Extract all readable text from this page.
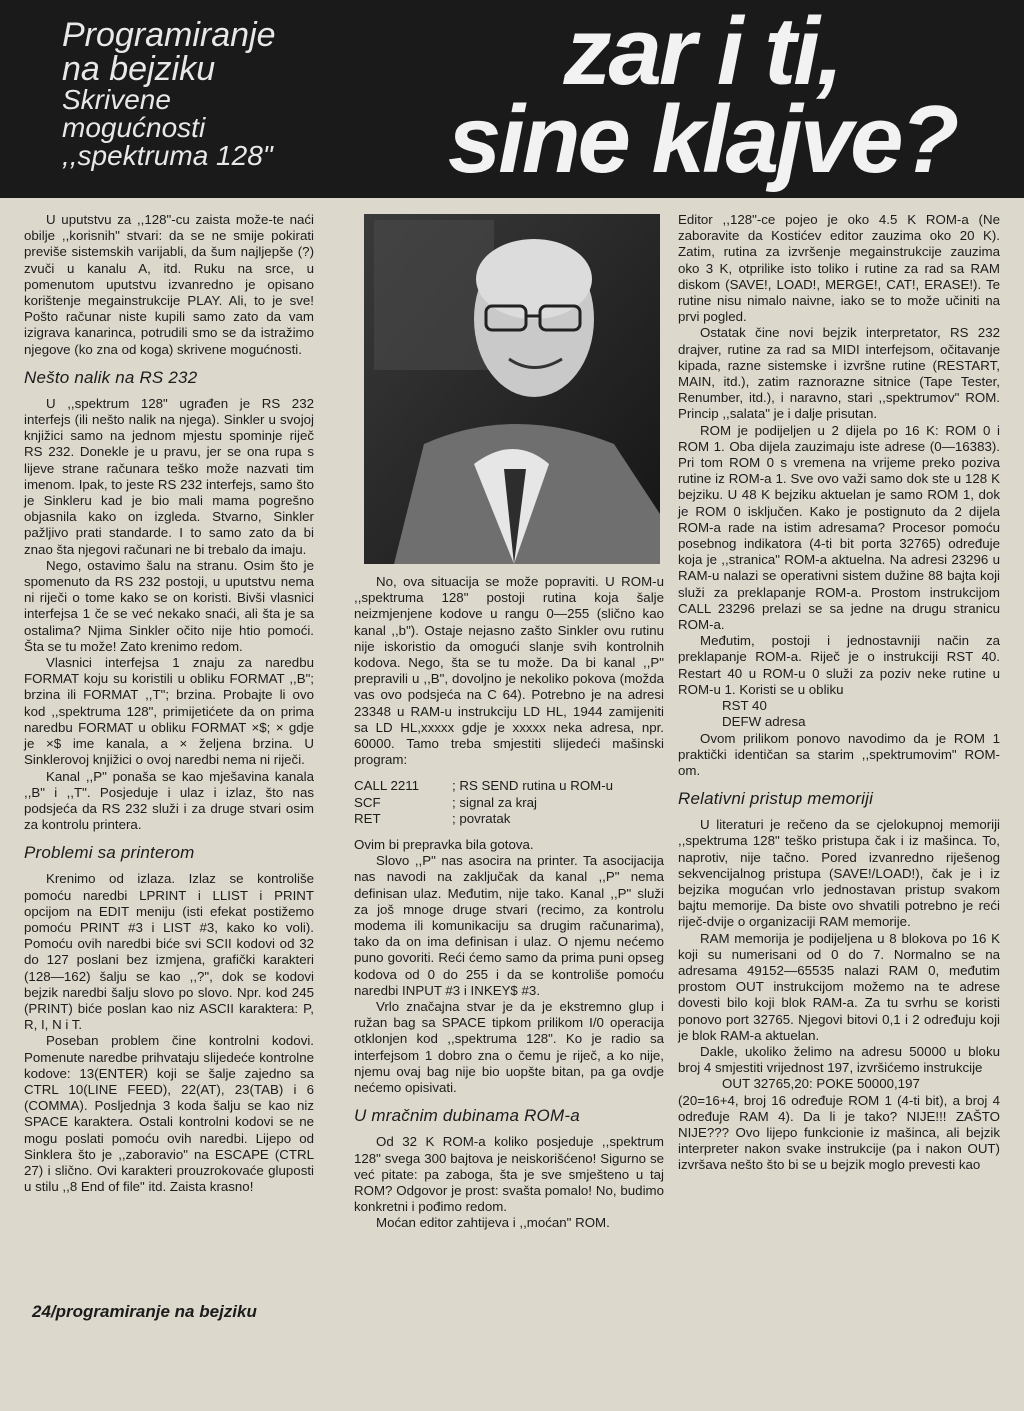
Programiranje
na bejziku
Skrivene
mogućnosti
,,spektruma 128"
zar i ti,
sine klajve?

U uputstvu za ,,128"-cu zaista može-te naći obilje ,,korisnih" stvari: da se ne smije pokirati previše sistemskih varijabli, da šum najljepše (?) zvuči u kanalu A, itd. Ruku na srce, u pomenutom uputstvu izvanredno je opisano korištenje megainstrukcije PLAY. Ali, to je sve! Pošto računar niste kupili samo zato da vam izigrava kanarinca, potrudili smo se da istražimo njegove (ko zna od koga) skrivene mogućnosti.

Nešto nalik na RS 232

U ,,spektrum 128" ugrađen je RS 232 interfejs (ili nešto nalik na njega). Sinkler u svojoj knjižici samo na jednom mjestu spominje riječ RS 232. Donekle je u pravu, jer se ona rupa s lijeve strane računara teško može nazvati tim imenom. Ipak, to jeste RS 232 interfejs, samo što je Sinkleru kad je bio mali mama pogrešno objasnila kako on izgleda. Stvarno, Sinkler pažljivo prati standarde. I to samo zato da bi znao šta njegovi računari ne bi trebalo da imaju.

Nego, ostavimo šalu na stranu. Osim što je spomenuto da RS 232 postoji, u uputstvu nema ni riječi o tome kako se on koristi. Bivši vlasnici interfejsa 1 če se već nekako snaći, ali šta je sa ostalima? Njima Sinkler očito nije htio pomoći. Šta se tu može! Zato krenimo redom.

Vlasnici interfejsa 1 znaju za naredbu FORMAT koju su koristili u obliku FORMAT ,,B"; brzina ili FORMAT ,,T"; brzina. Probajte li ovo kod ,,spektruma 128", primijetićete da on prima naredbu FORMAT u obliku FORMAT ×$; × gdje je ×$ ime kanala, a × željena brzina. U Sinklerovoj knjižici o ovoj naredbi nema ni riječi.

Kanal ,,P" ponaša se kao mješavina kanala ,,B" i ,,T". Posjeduje i ulaz i izlaz, što nas podsjeća da RS 232 služi i za druge stvari osim za kontrolu printera.

Problemi sa printerom

Krenimo od izlaza. Izlaz se kontroliše pomoću naredbi LPRINT i LLIST i PRINT opcijom na EDIT meniju (isti efekat postižemo pomoću PRINT #3 i LIST #3, kako ko voli). Pomoću ovih naredbi biće svi SCII kodovi od 32 do 127 poslani bez izmjena, grafički karakteri (128—162) šalju se kao ,,?", dok se kodovi bejzik naredbi šalju slovo po slovo. Npr. kod 245 (PRINT) biće poslan kao niz ASCII karaktera: P, R, I, N i T.

Poseban problem čine kontrolni kodovi. Pomenute naredbe prihvataju slijedeće kontrolne kodove: 13(ENTER) koji se šalje zajedno sa CTRL 10(LINE FEED), 22(AT), 23(TAB) i 6 (COMMA). Posljednja 3 koda šalju se kao niz SPACE karaktera. Ostali kontrolni kodovi se ne mogu poslati pomoću ovih naredbi. Lijepo od Sinklera što je ,,zaboravio" na ESCAPE (CTRL 27) i slično. Ovi karakteri prouzrokovaće gluposti u stilu ,,8 End of file" itd. Zaista krasno!

24/programiranje na bejziku

No, ova situacija se može popraviti. U ROM-u ,,spektruma 128" postoji rutina koja šalje neizmjenjene kodove u rangu 0—255 (slično kao kanal ,,b"). Ostaje nejasno zašto Sinkler ovu rutinu nije iskoristio da omogući slanje svih kontrolnih kodova. Nego, šta se tu može. Da bi kanal ,,P" prepravili u ,,B", dovoljno je nekoliko pokova (možda vas ovo podsjeća na C 64). Potrebno je na adresi 23348 u RAM-u instrukciju LD HL, 1944 zamijeniti sa LD HL,xxxxx gdje je xxxxx neka adresa, npr. 60000. Tamo treba smjestiti slijedeći mašinski program:

CALL 2211	; RS SEND rutina u ROM-u
SCF	; signal za kraj
RET	; povratak

Ovim bi prepravka bila gotova.

Slovo ,,P" nas asocira na printer. Ta asocijacija nas navodi na zaključak da kanal ,,P" nema definisan ulaz. Međutim, nije tako. Kanal ,,P" služi za još mnoge druge stvari (recimo, za kontrolu modema ili komunikaciju sa drugim računarima), tako da on ima definisan i ulaz. O njemu nećemo puno govoriti. Reći ćemo samo da prima puni opseg kodova od 0 do 255 i da se kontroliše pomoću naredbi INPUT #3 i INKEY$ #3.

Vrlo značajna stvar je da je ekstremno glup i ružan bag sa SPACE tipkom prilikom I/0 operacija otklonjen kod ,,spektruma 128". Ko je radio sa interfejsom 1 dobro zna o čemu je riječ, a ko nije, njemu ovaj bag nije bio uopšte bitan, pa ga ovdje nećemo opisivati.

U mračnim dubinama ROM-a

Od 32 K ROM-a koliko posjeduje ,,spektrum 128" svega 300 bajtova je neiskorišćeno! Sigurno se već pitate: pa zaboga, šta je sve smješteno u taj ROM? Odgovor je prost: svašta pomalo! No, budimo konkretni i pođimo redom.

Moćan editor zahtijeva i ,,moćan" ROM.

Editor ,,128"-ce pojeo je oko 4.5 K ROM-a (Ne zaboravite da Kostićev editor zauzima oko 20 K). Zatim, rutina za izvršenje megainstrukcije zauzima oko 3 K, otprilike isto toliko i rutine za rad sa RAM diskom (SAVE!, LOAD!, MERGE!, CAT!, ERASE!). Te rutine nisu nimalo naivne, iako se to može učiniti na prvi pogled.

Ostatak čine novi bejzik interpretator, RS 232 drajver, rutine za rad sa MIDI interfejsom, očitavanje kipada, razne sistemske i izvršne rutine (RESTART, MAIN, itd.), zatim raznorazne sitnice (Tape Tester, Renumber, itd.), i naravno, stari ,,spektrumov" ROM. Princip ,,salata" je i dalje prisutan.

ROM je podijeljen u 2 dijela po 16 K: ROM 0 i ROM 1. Oba dijela zauzimaju iste adrese (0—16383). Pri tom ROM 0 s vremena na vrijeme preko poziva rutine iz ROM-a 1. Sve ovo važi samo dok ste u 128 K bejziku. U 48 K bejziku aktuelan je samo ROM 1, dok je ROM 0 isključen. Kako je postignuto da 2 dijela ROM-a rade na istim adresama? Procesor pomoću posebnog indikatora (4-ti bit porta 32765) određuje koja je ,,stranica" ROM-a aktuelna. Na adresi 23296 u RAM-u nalazi se operativni sistem dužine 88 bajta koji služi za preklapanje ROM-a. Prostom instrukcijom CALL 23296 prelazi se sa jedne na drugu stranicu ROM-a.

Međutim, postoji i jednostavniji način za preklapanje ROM-a. Riječ je o instrukciji RST 40. Restart 40 u ROM-u 0 služi za poziv neke rutine u ROM-u 1. Koristi se u obliku

RST 40

DEFW adresa

Ovom prilikom ponovo navodimo da je ROM 1 praktički identičan sa starim ,,spektrumovim" ROM-om.

Relativni pristup memoriji

U literaturi je rečeno da se cjelokupnoj memoriji ,,spektruma 128" teško pristupa čak i iz mašinca. To, naprotiv, nije tačno. Pored izvanredno riješenog sekvencijalnog pristupa (SAVE!/LOAD!), čak je i iz bejzika mogućan vrlo jednostavan pristup svakom bajtu memorije. Da biste ovo shvatili potrebno je reći riječ-dvije o organizaciji RAM memorije.

RAM memorija je podijeljena u 8 blokova po 16 K koji su numerisani od 0 do 7. Normalno se na adresama 49152—65535 nalazi RAM 0, međutim prostom OUT instrukcijom možemo na te adrese dovesti bilo koji blok RAM-a. Za tu svrhu se koristi ponovo port 32765. Njegovi bitovi 0,1 i 2 određuju koji je blok RAM-a aktuelan.

Dakle, ukoliko želimo na adresu 50000 u bloku broj 4 smjestiti vrijednost 197, izvršićemo instrukcije

OUT 32765,20: POKE 50000,197

(20=16+4, broj 16 određuje ROM 1 (4-ti bit), a broj 4 određuje RAM 4). Da li je tako? NIJE!!! ZAŠTO NIJE??? Ovo lijepo funkcionie iz mašinca, ali bejzik interpreter nakon svake instrukcije (pa i nakon OUT) izvršava nešto što bi se u bejzik moglo prevesti kao
